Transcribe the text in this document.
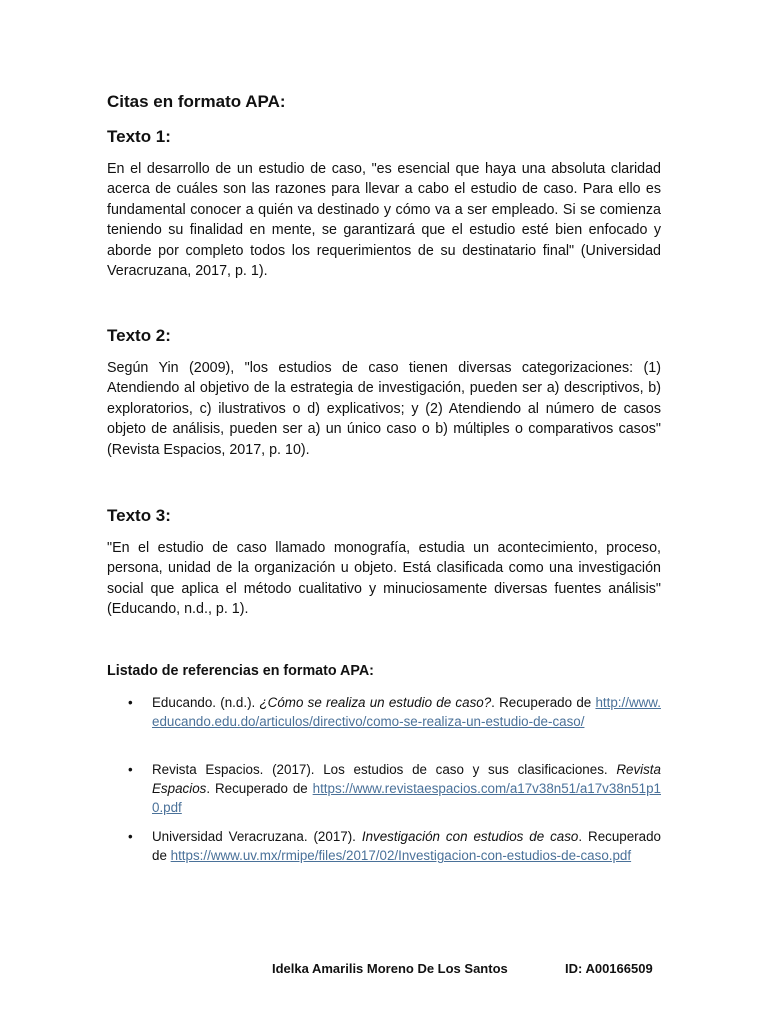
Citas en formato APA:
Texto 1:

En el desarrollo de un estudio de caso, "es esencial que haya una absoluta claridad acerca de cuáles son las razones para llevar a cabo el estudio de caso. Para ello es fundamental conocer a quién va destinado y cómo va a ser empleado. Si se comienza teniendo su finalidad en mente, se garantizará que el estudio esté bien enfocado y aborde por completo todos los requerimientos de su destinatario final" (Universidad Veracruzana, 2017, p. 1).

Texto 2:

Según Yin (2009), "los estudios de caso tienen diversas categorizaciones: (1) Atendiendo al objetivo de la estrategia de investigación, pueden ser a) descriptivos, b) exploratorios, c) ilustrativos o d) explicativos; y (2) Atendiendo al número de casos objeto de análisis, pueden ser a) un único caso o b) múltiples o comparativos casos" (Revista Espacios, 2017, p. 10).

Texto 3:

"En el estudio de caso llamado monografía, estudia un acontecimiento, proceso, persona, unidad de la organización u objeto. Está clasificada como una investigación social que aplica el método cualitativo y minuciosamente diversas fuentes análisis" (Educando, n.d., p. 1).

Listado de referencias en formato APA:
• Educando. (n.d.). ¿Cómo se realiza un estudio de caso?. Recuperado de http://www.educando.edu.do/articulos/directivo/como-se-realiza-un-estudio-de-caso/
• Revista Espacios. (2017). Los estudios de caso y sus clasificaciones. Revista Espacios. Recuperado de https://www.revistaespacios.com/a17v38n51/a17v38n51p10.pdf
• Universidad Veracruzana. (2017). Investigación con estudios de caso. Recuperado de https://www.uv.mx/rmipe/files/2017/02/Investigacion-con-estudios-de-caso.pdf
Idelka Amarilis Moreno De Los Santos	ID: A00166509
